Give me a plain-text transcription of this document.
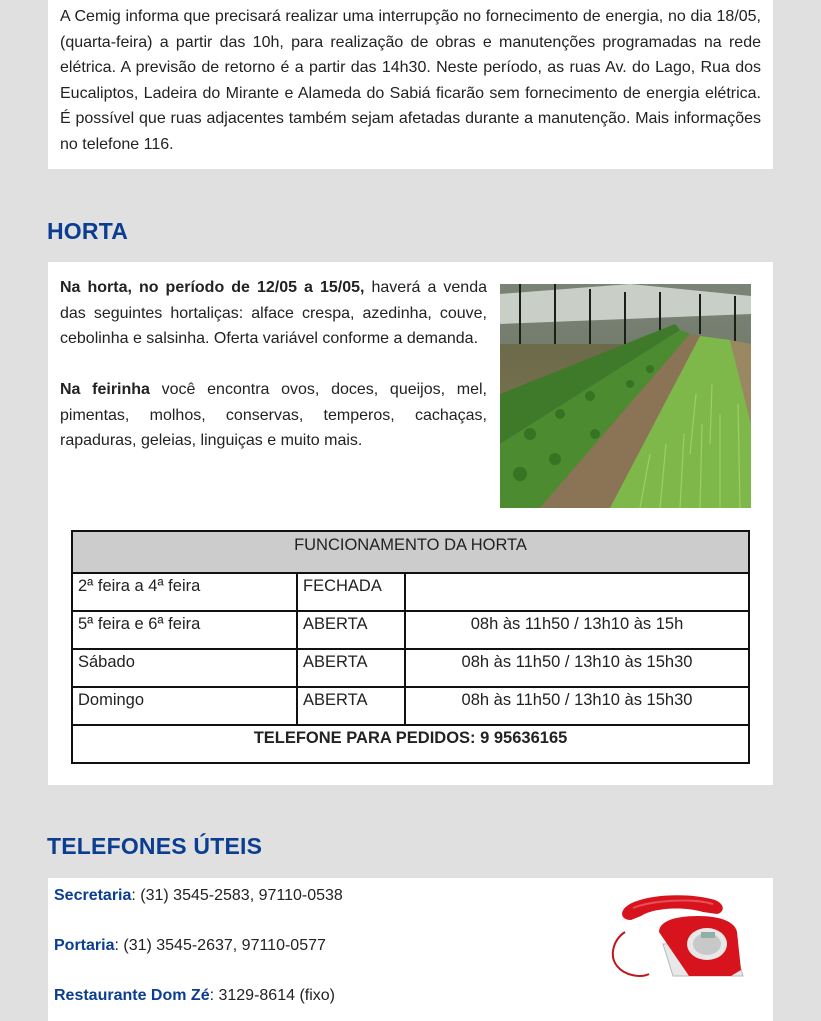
A Cemig informa que precisará realizar uma interrupção no fornecimento de energia, no dia 18/05, (quarta-feira) a partir das 10h, para realização de obras e manutenções programadas na rede elétrica. A previsão de retorno é a partir das 14h30. Neste período, as ruas Av. do Lago, Rua dos Eucaliptos, Ladeira do Mirante e Alameda do Sabiá ficarão sem fornecimento de energia elétrica. É possível que ruas adjacentes também sejam afetadas durante a manutenção. Mais informações no telefone 116.

HORTA

Na horta, no período de 12/05 a 15/05, haverá a venda das seguintes hortaliças: alface crespa, azedinha, couve, cebolinha e salsinha. Oferta variável conforme a demanda.

Na feirinha você encontra ovos, doces, queijos, mel, pimentas, molhos, conservas, temperos, cachaças, rapaduras, geleias, linguiças e muito mais.

FUNCIONAMENTO DA HORTA		
2ª feira a 4ª feira	FECHADA	
5ª feira e 6ª feira	ABERTA	08h às 11h50 / 13h10 às 15h
Sábado	ABERTA	08h às 11h50 / 13h10 às 15h30
Domingo	ABERTA	08h às 11h50 / 13h10 às 15h30
TELEFONE PARA PEDIDOS: 9 95636165		
TELEFONES ÚTEIS
Secretaria: (31) 3545-2583, 97110-0538
Portaria: (31) 3545-2637, 97110-0577
Restaurante Dom Zé: 3129-8614 (fixo)
